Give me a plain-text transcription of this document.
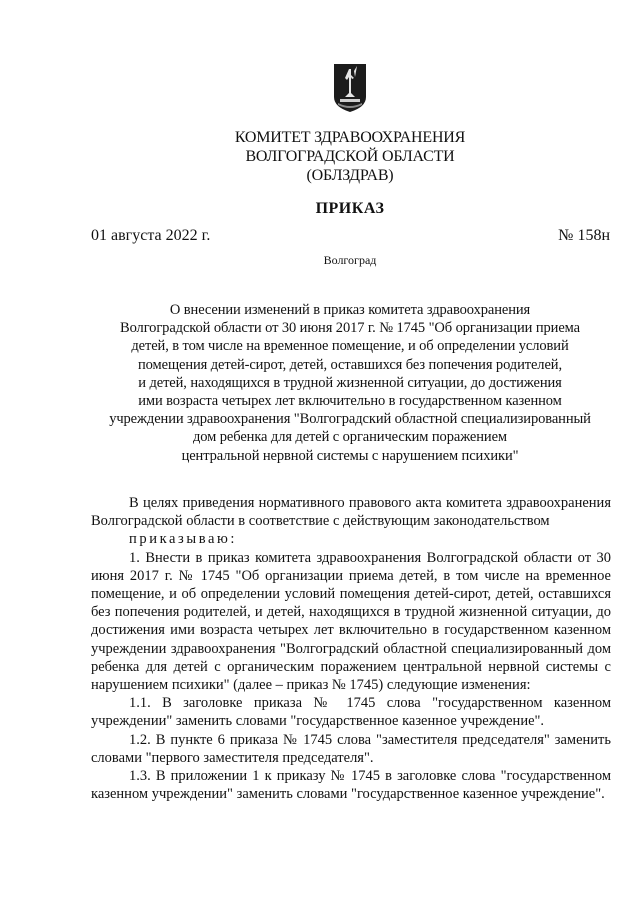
КОМИТЕТ ЗДРАВООХРАНЕНИЯ
ВОЛГОГРАДСКОЙ ОБЛАСТИ
(ОБЛЗДРАВ)
ПРИКАЗ
01 августа 2022 г.	№ 158н
Волгоград
О внесении изменений в приказ комитета здравоохранения
Волгоградской области от 30 июня 2017 г. № 1745 "Об организации приема
детей, в том числе на временное помещение, и об определении условий
помещения детей-сирот, детей, оставшихся без попечения родителей,
и детей, находящихся в трудной жизненной ситуации, до достижения
ими возраста четырех лет включительно в государственном казенном
учреждении здравоохранения "Волгоградский областной специализированный
дом ребенка для детей с органическим поражением
центральной нервной системы с нарушением психики"

В целях приведения нормативного правового акта комитета здравоохранения Волгоградской области в соответствие с действующим законодательством

приказываю:

1. Внести в приказ комитета здравоохранения Волгоградской области от 30 июня 2017 г. № 1745 "Об организации приема детей, в том числе на временное помещение, и об определении условий помещения детей-сирот, детей, оставшихся без попечения родителей, и детей, находящихся в трудной жизненной ситуации, до достижения ими возраста четырех лет включительно в государственном казенном учреждении здравоохранения "Волгоградский областной специализированный дом ребенка для детей с органическим поражением центральной нервной системы с нарушением психики" (далее – приказ № 1745) следующие изменения:

1.1. В заголовке приказа № 1745 слова "государственном казенном учреждении" заменить словами "государственное казенное учреждение".

1.2. В пункте 6 приказа № 1745 слова "заместителя председателя" заменить словами "первого заместителя председателя".

1.3. В приложении 1 к приказу № 1745 в заголовке слова "государственном казенном учреждении" заменить словами "государственное казенное учреждение".
